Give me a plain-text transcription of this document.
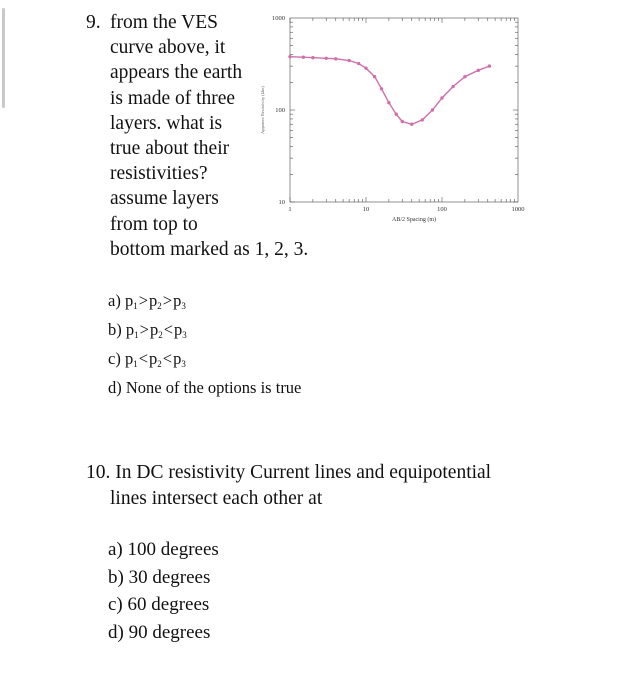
9. from the VES
curve above, it
appears the earth
is made of three
layers. what is
true about their
resistivities?
assume layers
from top to
bottom marked as 1, 2, 3.
1	10	100	1000
1000
100
10
AB/2 Spacing (m)
Apparent Resistivity (Ωm)
a) $p_1>p_2>p_3$
b) $p_1>p_2<p_3$
c) $p_1<p_2<p_3$
d) None of the options is true
10. In DC resistivity Current lines and equipotential
lines intersect each other at
a) 100 degrees
b) 30 degrees
c) 60 degrees
d) 90 degrees
